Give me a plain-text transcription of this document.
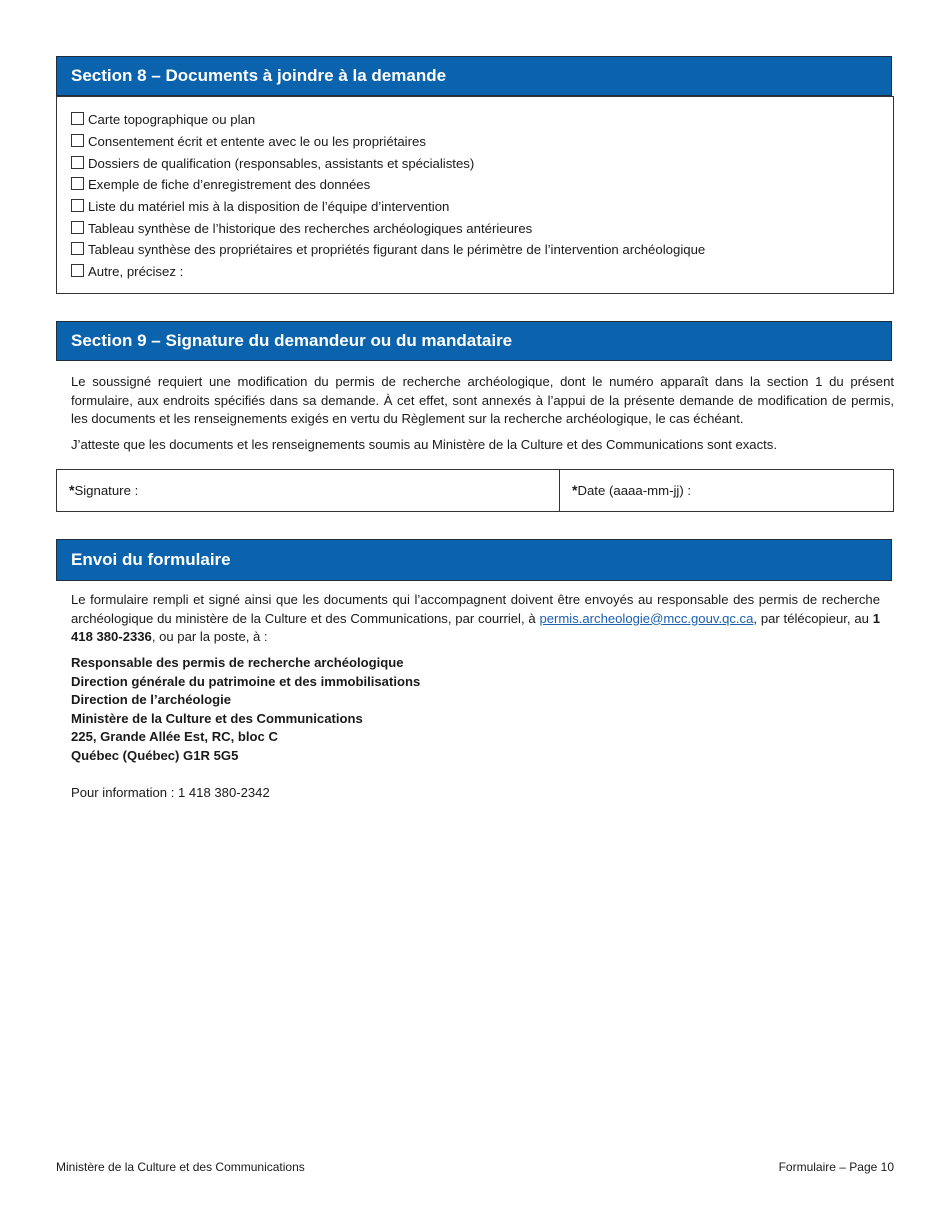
Section 8 – Documents à joindre à la demande
Carte topographique ou plan
Consentement écrit et entente avec le ou les propriétaires
Dossiers de qualification (responsables, assistants et spécialistes)
Exemple de fiche d’enregistrement des données
Liste du matériel mis à la disposition de l’équipe d’intervention
Tableau synthèse de l’historique des recherches archéologiques antérieures
Tableau synthèse des propriétaires et propriétés figurant dans le périmètre de l’intervention archéologique
Autre, précisez :
Section 9 – Signature du demandeur ou du mandataire

Le soussigné requiert une modification du permis de recherche archéologique, dont le numéro apparaît dans la section 1 du présent formulaire, aux endroits spécifiés dans sa demande. À cet effet, sont annexés à l’appui de la présente demande de modification de permis, les documents et les renseignements exigés en vertu du Règlement sur la recherche archéologique, le cas échéant.

J’atteste que les documents et les renseignements soumis au Ministère de la Culture et des Communications sont exacts.

*Signature :	*Date (aaaa-mm-jj) :
Envoi du formulaire

Le formulaire rempli et signé ainsi que les documents qui l’accompagnent doivent être envoyés au responsable des permis de recherche archéologique du ministère de la Culture et des Communications, par courriel, à permis.archeologie@mcc.gouv.qc.ca, par télécopieur, au 1 418 380-2336, ou par la poste, à :

Responsable des permis de recherche archéologique
Direction générale du patrimoine et des immobilisations
Direction de l’archéologie
Ministère de la Culture et des Communications
225, Grande Allée Est, RC, bloc C
Québec (Québec) G1R 5G5

Pour information : 1 418 380-2342

Ministère de la Culture et des Communications	Formulaire – Page 10
